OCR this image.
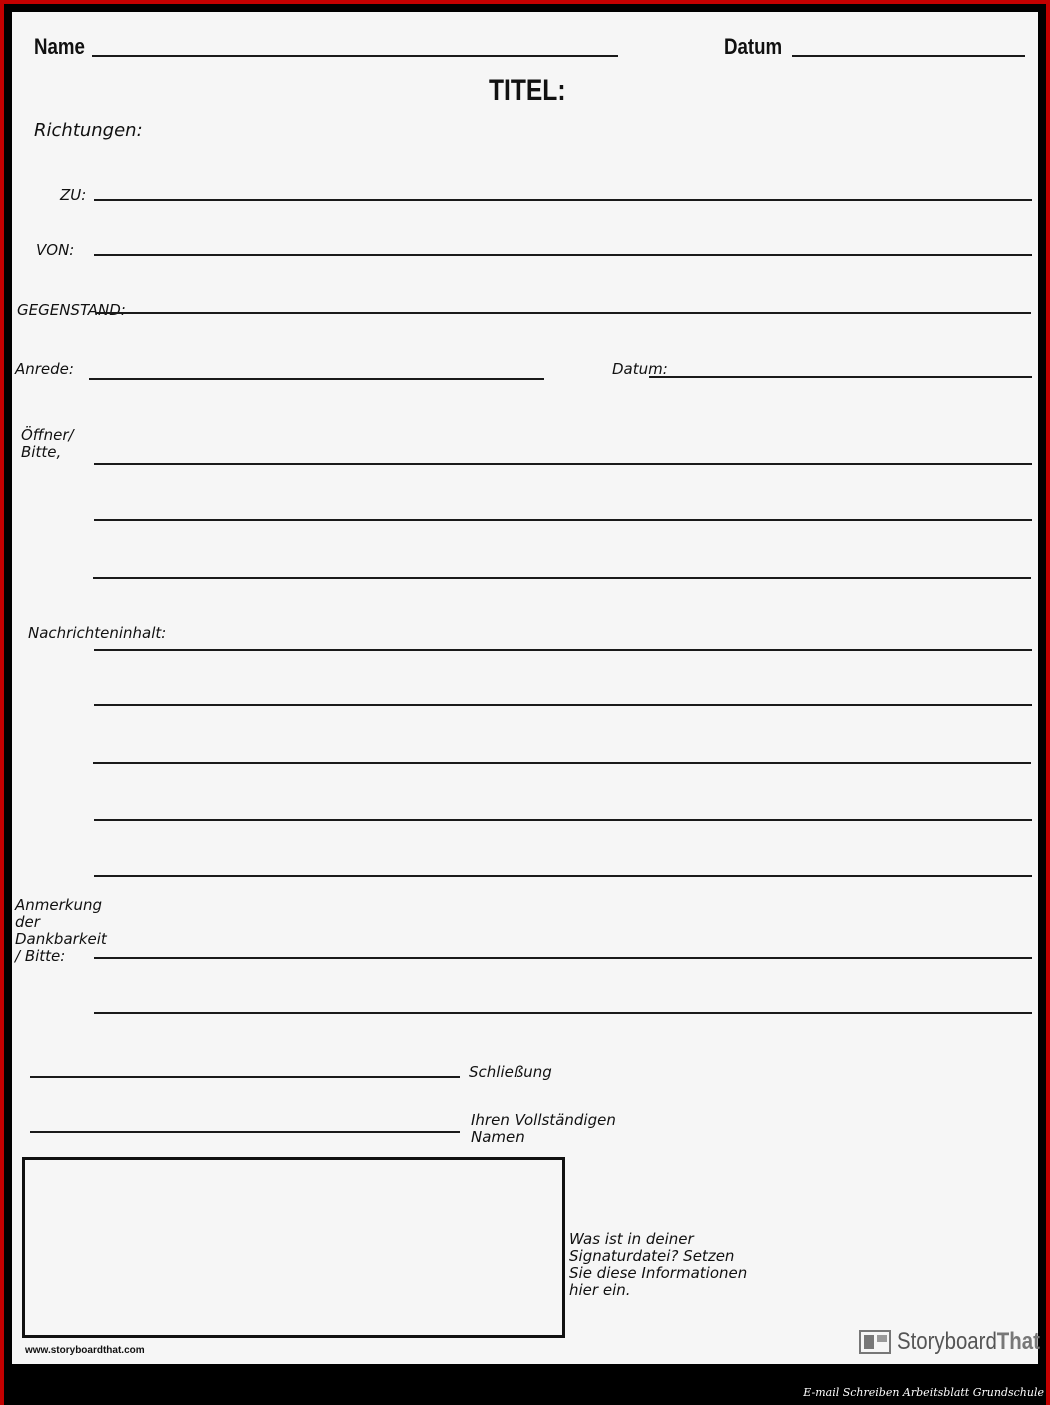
Name	Datum
TITEL:
Richtungen:
ZU:
VON:
GEGENSTAND:
Anrede:	Datum:
Öffner/
Bitte,
Nachrichteninhalt:
Anmerkung
der
Dankbarkeit
/ Bitte:
Schließung
Ihren Vollständigen
Namen
Was ist in deiner
Signaturdatei? Setzen
Sie diese Informationen
hier ein.
www.storyboardthat.com	StoryboardThat
E-mail Schreiben Arbeitsblatt Grundschule
